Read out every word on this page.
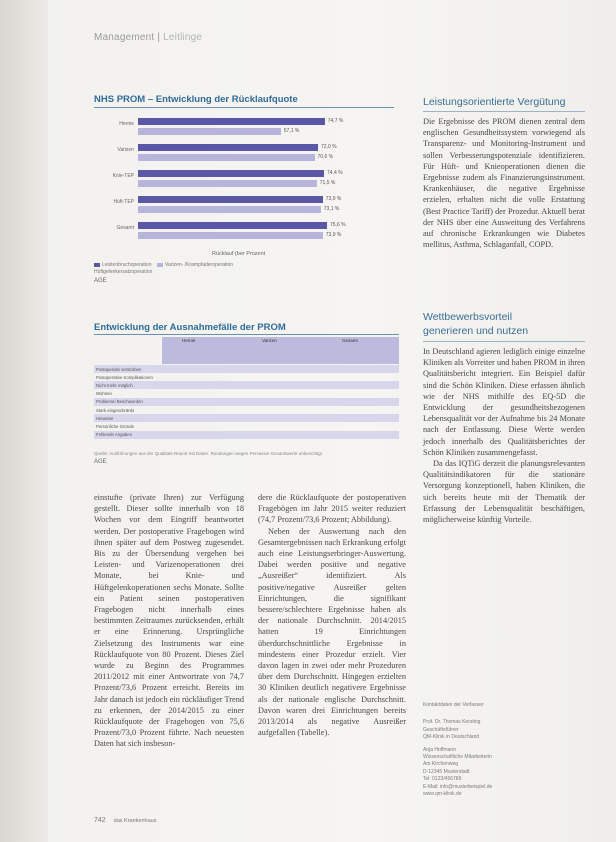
Management | Leitlinge
NHS PROM – Entwicklung der Rücklaufquote
Hernie	74,7 %
57,1 %
Varizen	72,0 %
70,6 %
Knie-TEP	74,4 %
71,5 %
Hüft-TEP	73,9 %
73,1 %
Gesamt	75,6 %
73,9 %
Rücklauf (ber Prozent
Leistenbruchoperation	Varizen- /Krampfaderoperation
Hüftgelenkersatzoperation
AGE
Entwicklung der Ausnahmefälle der PROM
Hernie	Varizen	Gesamt
Postoperativ verstorben
Postoperative Komplikationen
Nicht mehr möglich
Wohnen
Probleme/ Beschwerden
Stark eingeschränkt
Hinweise
Persönliche Gründe
Fehlende Angaben
Quelle: Ausführungen aus der Qualitäts-Report mit Daten. Rundungen wegen Pervasive Gesamtwerte unberichtigt
AGE

einstufte (private Ihren) zur Verfügung gestellt. Dieser sollte innerhalb von 18 Wochen vor dem Eingriff beantwortet werden. Der postoperative Fragebogen wird ihnen später auf dem Postweg zugesendet. Bis zu der Übersendung vergehen bei Leisten- und Varizenoperationen drei Monate, bei Knie- und Hüftgelenkoperationen sechs Monate. Sollte ein Patient seinen postoperativen Fragebogen nicht innerhalb eines bestimmten Zeitraumes zurücksenden, erhält er eine Erinnerung. Ursprüngliche Zielsetzung des Instruments war eine Rücklaufquote von 80 Prozent. Dieses Ziel wurde zu Beginn des Programmes 2011/2012 mit einer Antwortrate von 74,7 Prozent/73,6 Prozent erreicht. Bereits im Jahr danach ist jedoch ein rückläufiger Trend zu erkennen, der 2014/2015 zu einer Rücklaufquote der Fragebogen von 75,6 Prozent/73,0 Prozent führte. Nach neuesten Daten hat sich insbeson-

dere die Rücklaufquote der postoperativen Fragebögen im Jahr 2015 weiter reduziert (74,7 Prozent/73,6 Prozent; Abbildung).

Neben der Auswertung nach den Gesamtergebnissen nach Erkrankung erfolgt auch eine Leistungserbringer-Auswertung. Dabei werden positive und negative „Ausreißer“ identifiziert. Als positive/negative Ausreißer gelten Einrichtungen, die signifikant bessere/schlechtere Ergebnisse haben als der nationale Durchschnitt. 2014/2015 hatten 19 Einrichtungen überdurchschnittliche Ergebnisse in mindestens einer Prozedur erzielt. Vier davon lagen in zwei oder mehr Prozeduren über dem Durchschnitt. Hingegen erzielten 30 Kliniken deutlich negativere Ergebnisse als der nationale englische Durchschnitt. Davon waren drei Einrichtungen bereits 2013/2014 als negative Ausreißer aufgefallen (Tabelle).

Leistungsorientierte Vergütung

Die Ergebnisse des PROM dienen zentral dem englischen Gesundheitssystem vorwiegend als Transparenz- und Monitoring-Instrument und sollen Verbesserungspotenziale identifizieren. Für Hüft- und Knieoperationen dienen die Ergebnisse zudem als Finanzierungsinstrument. Krankenhäuser, die negative Ergebnisse erzielen, erhalten nicht die volle Erstattung (Best Practice Tariff) der Prozedur. Aktuell berat der NHS über eine Ausweitung des Verfahrens auf chronische Erkrankungen wie Diabetes mellitus, Asthma, Schlaganfall, COPD.

Wettbewerbsvorteil
generieren und nutzen

In Deutschland agieren lediglich einige einzelne Kliniken als Vorreiter und haben PROM in ihren Qualitätsbericht integriert. Ein Beispiel dafür sind die Schön Kliniken. Diese erfassen ähnlich wie der NHS mithilfe des EQ-5D die Entwicklung der gesundheitsbezogenen Lebensqualität vor der Aufnahme bis 24 Monate nach der Entlassung. Diese Werte werden jedoch innerhalb des Qualitätsberichtes der Schön Kliniken zusammengefasst.

Da das IQTiG derzeit die planungsrelevanten Qualitätsindikatoren für die stationäre Versorgung konzeptionell, haben Kliniken, die sich bereits heute mit der Thematik der Erfassung der Lebensqualität beschäftigen, möglicherweise künftig Vorteile.

Kontaktdaten der Verfasser
Prof. Dr. Thomas Kersting
Geschäftsführer
QM-Klinik in Deutschland
Anja Hoffmann
Wissenschaftliche Mitarbeiterin
Am Kirchenweg
D-12345 Musterstadt
Tel: 0123/456789
E-Mail: info@musterbeispiel.de
www.qm-klinik.de
742 das Krankenhaus
